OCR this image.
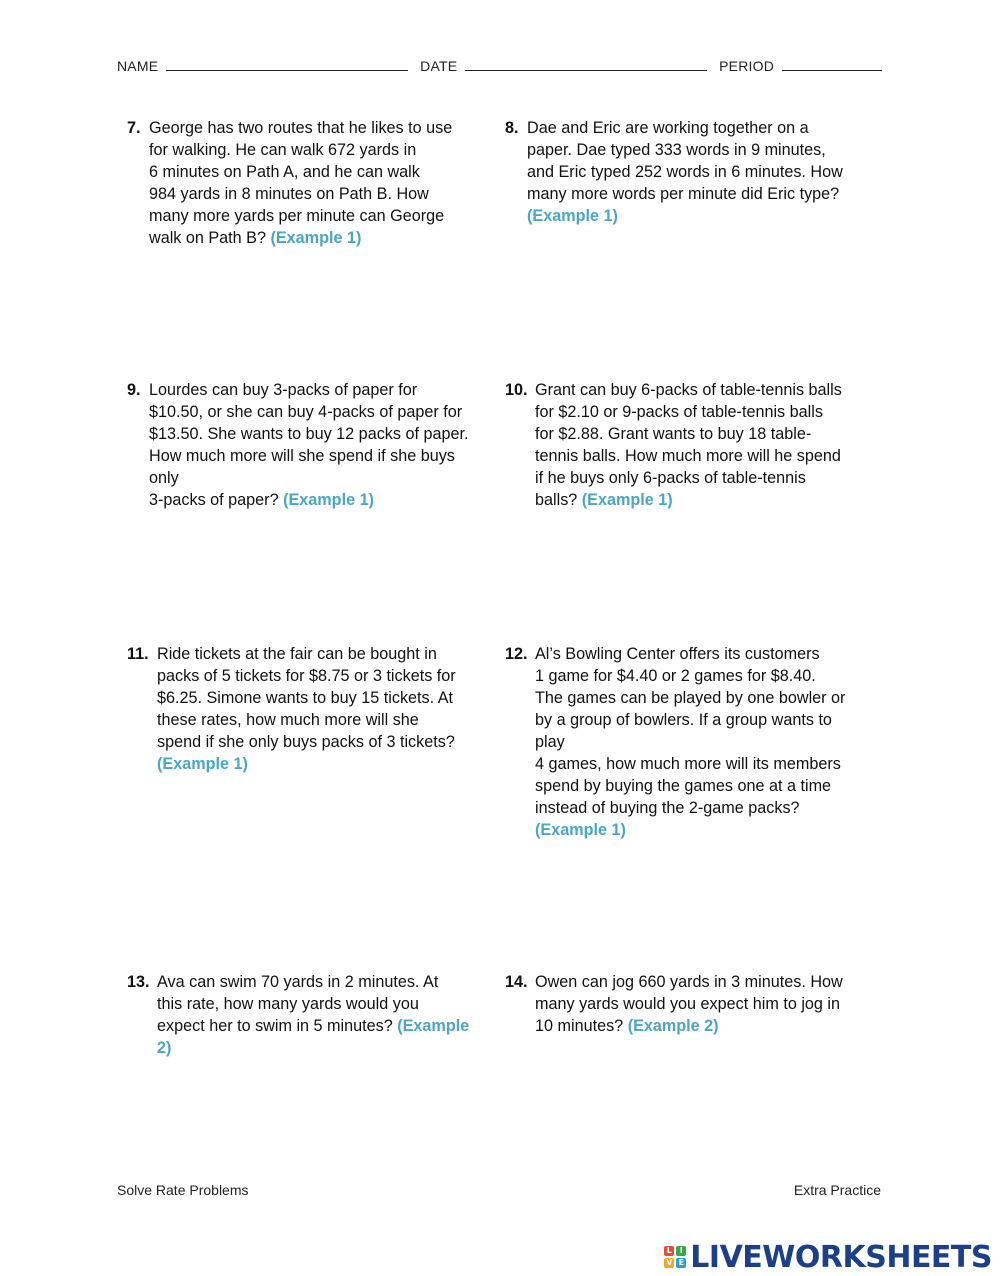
NAME	DATE	PERIOD
7. George has two routes that he likes to use
for walking. He can walk 672 yards in
6 minutes on Path A, and he can walk
984 yards in 8 minutes on Path B. How
many more yards per minute can George
walk on Path B? (Example 1)
8. Dae and Eric are working together on a
paper. Dae typed 333 words in 9 minutes,
and Eric typed 252 words in 6 minutes. How
many more words per minute did Eric type?
(Example 1)
9. Lourdes can buy 3-packs of paper for
$10.50, or she can buy 4-packs of paper for
$13.50. She wants to buy 12 packs of paper.
How much more will she spend if she buys
only
3-packs of paper? (Example 1)
10. Grant can buy 6-packs of table-tennis balls
for $2.10 or 9-packs of table-tennis balls
for $2.88. Grant wants to buy 18 table-
tennis balls. How much more will he spend
if he buys only 6-packs of table-tennis
balls? (Example 1)
11. Ride tickets at the fair can be bought in
packs of 5 tickets for $8.75 or 3 tickets for
$6.25. Simone wants to buy 15 tickets. At
these rates, how much more will she
spend if she only buys packs of 3 tickets?
(Example 1)
12. Al’s Bowling Center offers its customers
1 game for $4.40 or 2 games for $8.40.
The games can be played by one bowler or
by a group of bowlers. If a group wants to
play
4 games, how much more will its members
spend by buying the games one at a time
instead of buying the 2-game packs? (Example 1)
13. Ava can swim 70 yards in 2 minutes. At
this rate, how many yards would you
expect her to swim in 5 minutes? (Example 2)
14. Owen can jog 660 yards in 3 minutes. How
many yards would you expect him to jog in
10 minutes? (Example 2)
Solve Rate Problems	Extra Practice
L I
V E LIVEWORKSHEETS
